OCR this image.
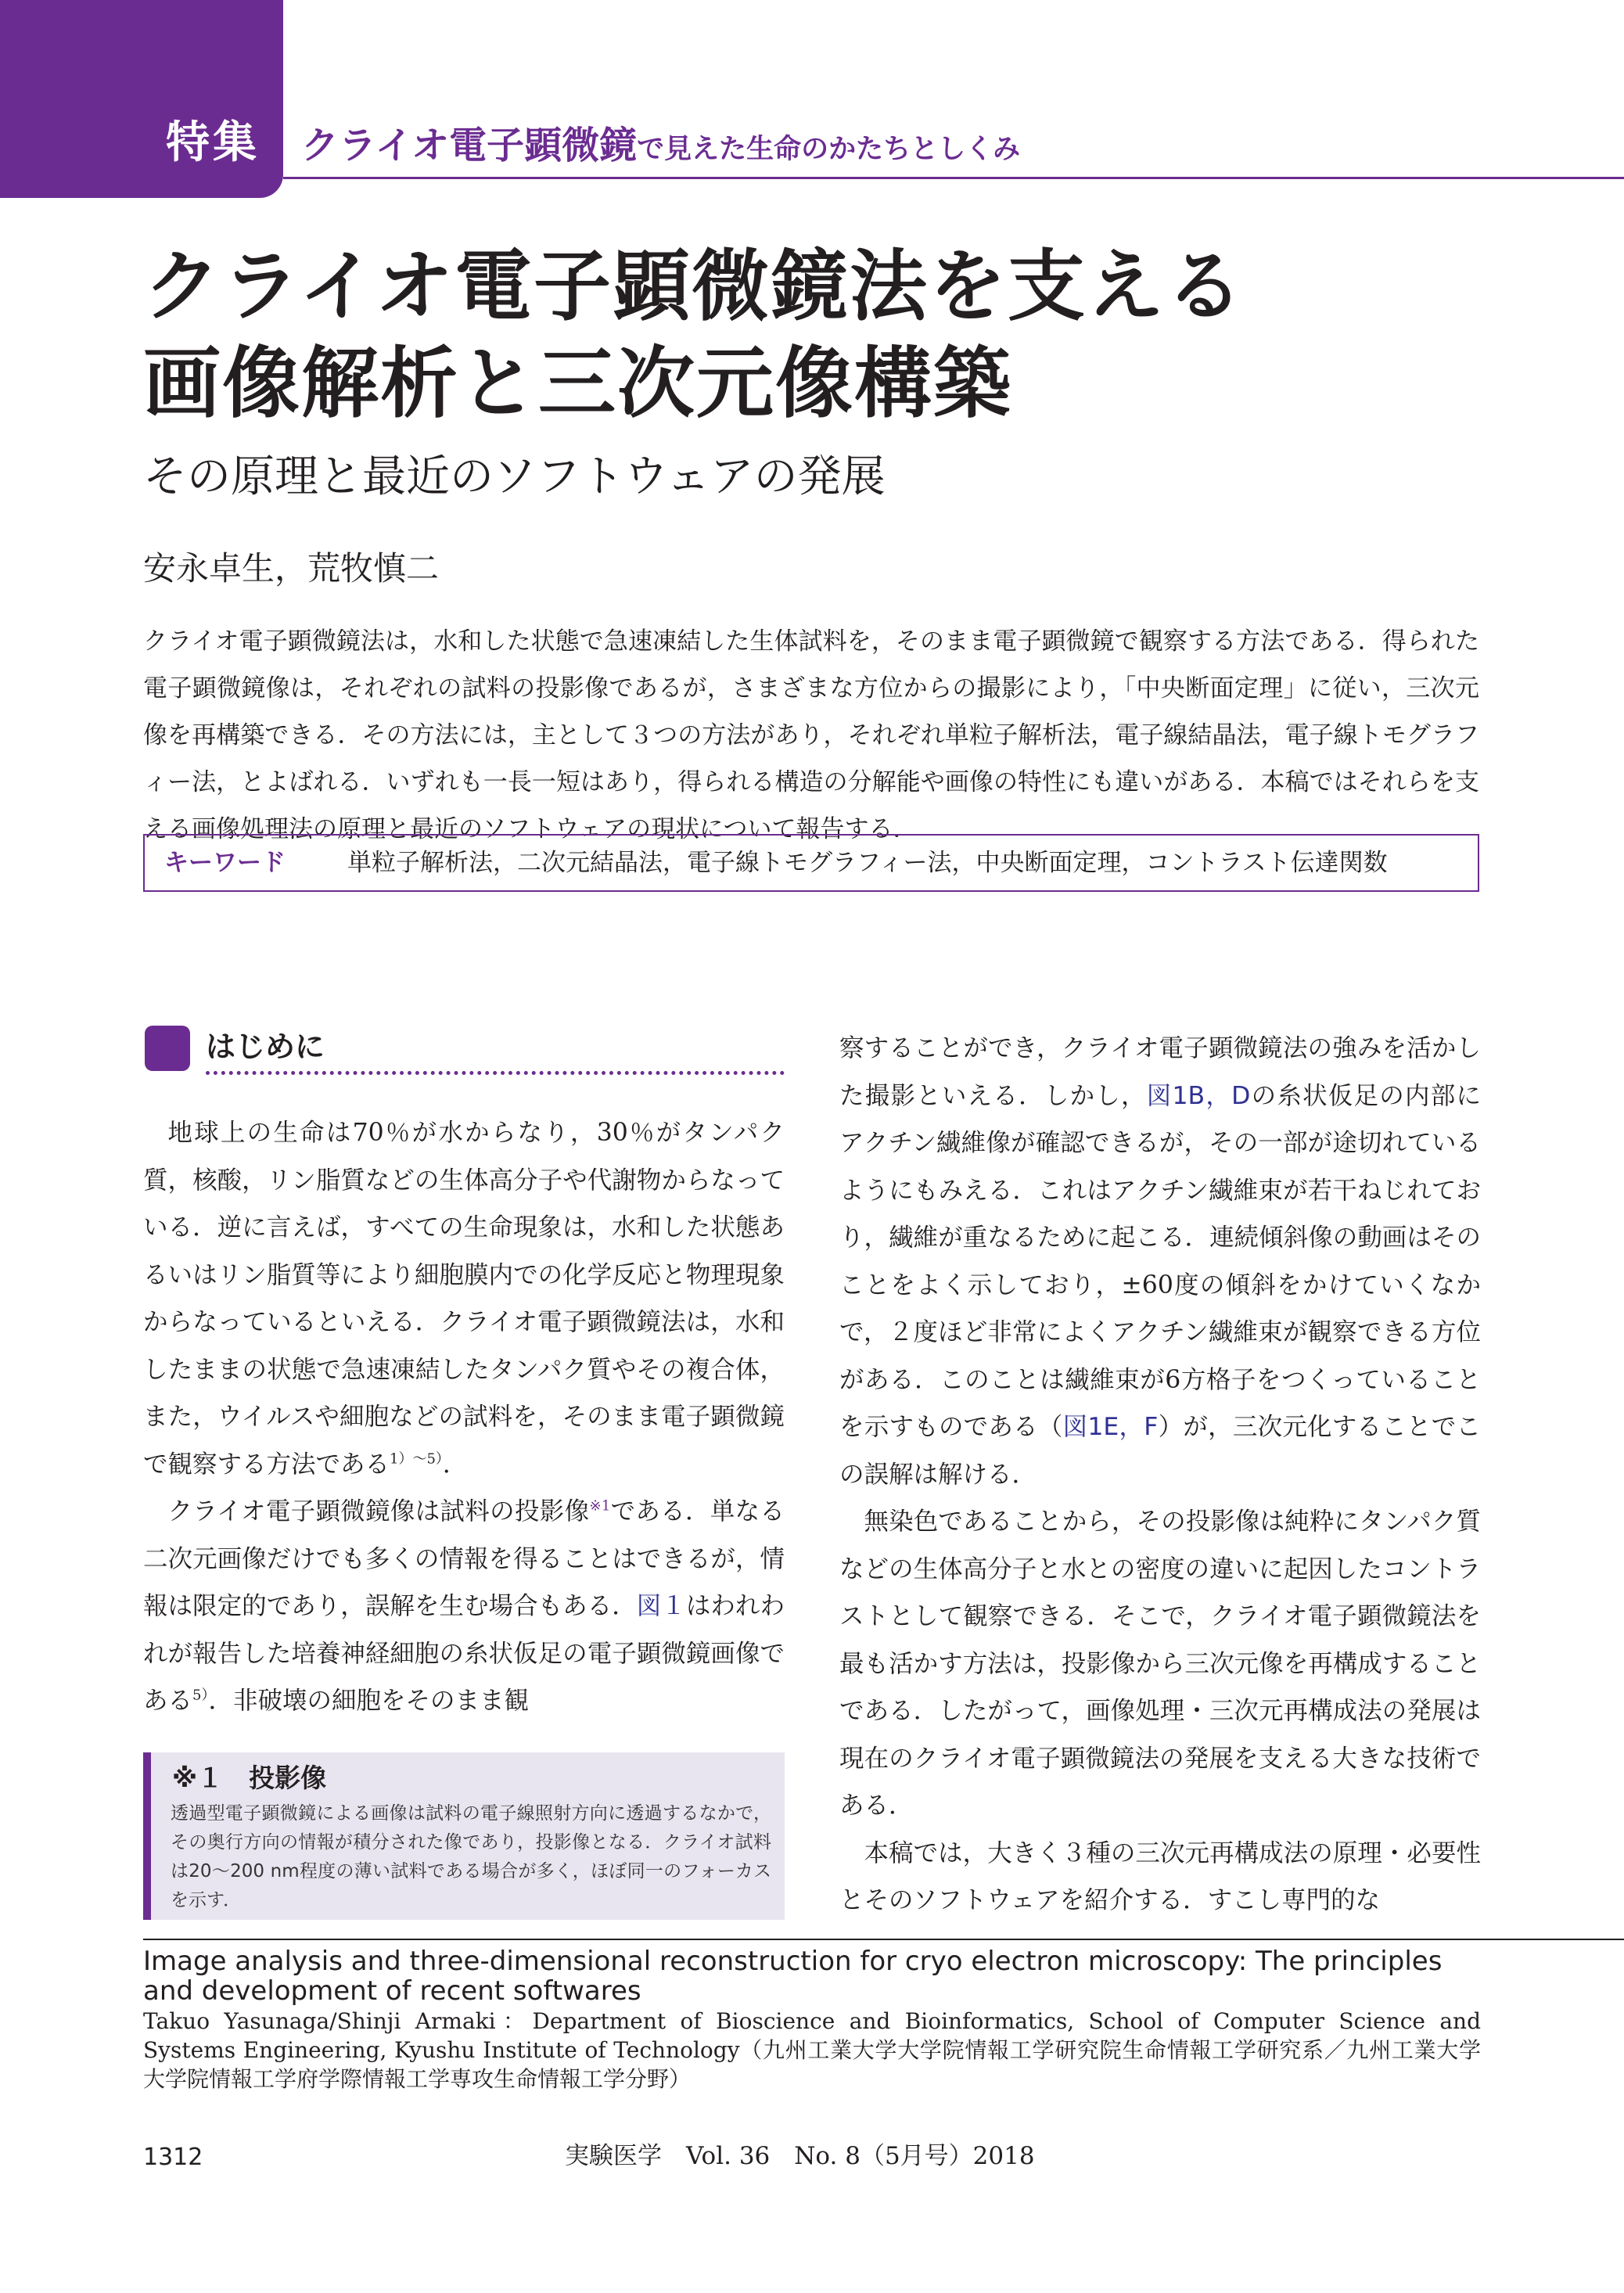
特集 クライオ電子顕微鏡で見えた生命のかたちとしくみ
クライオ電子顕微鏡法を支える
画像解析と三次元像構築
その原理と最近のソフトウェアの発展
安永卓生，荒牧慎二
クライオ電子顕微鏡法は，水和した状態で急速凍結した生体試料を，そのまま電子顕微鏡で観察する方法である．得られた電子顕微鏡像は，それぞれの試料の投影像であるが，さまざまな方位からの撮影により，「中央断面定理」に従い，三次元像を再構築できる．その方法には，主として３つの方法があり，それぞれ単粒子解析法，電子線結晶法，電子線トモグラフィー法，とよばれる．いずれも一長一短はあり，得られる構造の分解能や画像の特性にも違いがある．本稿ではそれらを支える画像処理法の原理と最近のソフトウェアの現状について報告する．
キーワード	単粒子解析法，二次元結晶法，電子線トモグラフィー法，中央断面定理，コントラスト伝達関数
はじめに

地球上の生命は70％が水からなり，30％がタンパク質，核酸，リン脂質などの生体高分子や代謝物からなっている．逆に言えば，すべての生命現象は，水和した状態あるいはリン脂質等により細胞膜内での化学反応と物理現象からなっているといえる．クライオ電子顕微鏡法は，水和したままの状態で急速凍結したタンパク質やその複合体，また，ウイルスや細胞などの試料を，そのまま電子顕微鏡で観察する方法である$^{1)〜5)}$．

クライオ電子顕微鏡像は試料の投影像$^{※1}$である．単なる二次元画像だけでも多くの情報を得ることはできるが，情報は限定的であり，誤解を生む場合もある．図１はわれわれが報告した培養神経細胞の糸状仮足の電子顕微鏡画像である$^{5)}$．非破壊の細胞をそのまま観

※１　投影像
透過型電子顕微鏡による画像は試料の電子線照射方向に透過するなかで，その奥行方向の情報が積分された像であり，投影像となる．クライオ試料は20〜200 nm程度の薄い試料である場合が多く，ほぼ同一のフォーカスを示す．

察することができ，クライオ電子顕微鏡法の強みを活かした撮影といえる．しかし，図1B，Dの糸状仮足の内部にアクチン繊維像が確認できるが，その一部が途切れているようにもみえる．これはアクチン繊維束が若干ねじれており，繊維が重なるために起こる．連続傾斜像の動画はそのことをよく示しており，±60度の傾斜をかけていくなかで，２度ほど非常によくアクチン繊維束が観察できる方位がある．このことは繊維束が6方格子をつくっていることを示すものである（図1E，F）が，三次元化することでこの誤解は解ける．

無染色であることから，その投影像は純粋にタンパク質などの生体高分子と水との密度の違いに起因したコントラストとして観察できる．そこで，クライオ電子顕微鏡法を最も活かす方法は，投影像から三次元像を再構成することである．したがって，画像処理・三次元再構成法の発展は現在のクライオ電子顕微鏡法の発展を支える大きな技術である．

本稿では，大きく３種の三次元再構成法の原理・必要性とそのソフトウェアを紹介する．すこし専門的な

Image analysis and three-dimensional reconstruction for cryo electron microscopy: The principles and development of recent softwares
Takuo Yasunaga/Shinji Armaki：Department of Bioscience and Bioinformatics, School of Computer Science and Systems Engineering, Kyushu Institute of Technology（九州工業大学大学院情報工学研究院生命情報工学研究系／九州工業大学大学院情報工学府学際情報工学専攻生命情報工学分野）
1312	実験医学　Vol. 36　No. 8（5月号）2018
